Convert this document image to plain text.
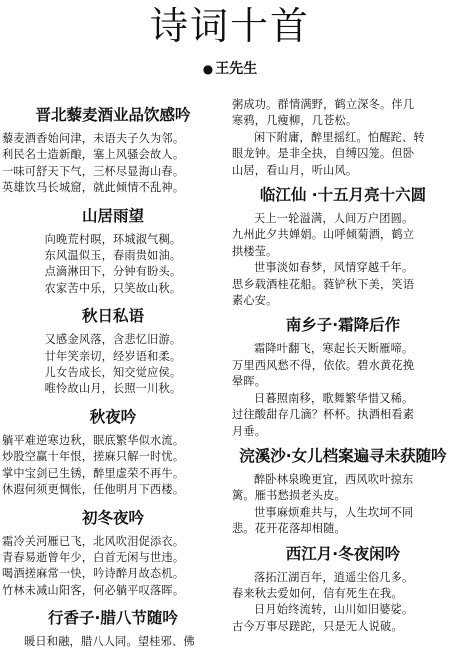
诗词十首
● 王先生
晋北藜麦酒业品饮感吟
藜麦酒香始问津，未语夫子久为邻。
利民名士造新酿，塞上风骚会故人。
一味可舒天下气，三杯尽显海山春。
英雄饮马长城窟，就此倾情不乱神。
山居雨望
向晚荒村暝，环城淑气稠。
东风温似玉，春雨贵如油。
点滴淋田下，分钟有盼头。
农家苦中乐，只笑故山秋。
秋日私语
又感金风落，含悲忆旧游。
廿年笑亲切，经岁语和柔。
儿女告成长，知交觉应侯。
唯怜故山月，长照一川秋。
秋夜吟
躺平难逆寒边秋，眠底繁华似水流。
炒股空赢十年恨，搓麻只解一时忧。
掌中宝剑已生锈，醉里虚荣不再牛。
休遐何须更惆怅，任他明月下西楼。
初冬夜吟
霜冷关河雁已飞，北风吹泪促添衣。
青春易逝曾年少，白首无闲与世违。
喝酒搓麻常一快，吟诗醉月故态机。
竹林未减山阳客，何必躺平叹落晖。
行香子·腊八节随吟
暖日和融，腊八人同。望桂邪、佛
粥成功。群情满野，鹤立深冬。伴几
寒鸦，几瘦柳，几苍松。
闲下附庸，醉里摇红。怕醒跎、转
眼龙钟。是非全抉，自缚囚笼。但卧
山居，看山月，听山风。
临江仙 ·十五月亮十六圆
天上一轮溢满，人间万户团圆。
九州此夕共婵娟。山呼倾菊酒，鹤立
拱楼莹。
世事淡如春梦，风情穿越千年。
思乡载酒桂花船。蕤铲秋下美，笑语
素心安。
南乡子·霜降后作
霜降叶翻飞，寒起长天断雁啼。
万里西风愁不得，依依。碧水黄花挽
晕晖。
日暮照南移，歌舞繁华惜又稀。
过往酸甜存几滴？杯杯。执酒相看素
月垂。
浣溪沙·女儿档案遍寻未获随吟
醉卧林泉晚更宜，西风吹叶掠东
篱。雁书愁损老头皮。
世事麻烦难共与，人生坎坷不同
悲。花开花落却相随。
西江月·冬夜闲吟
落拓江湖百年，逍遥尘俗几多。
春来秋去爱如何，信有死生在我。
日月始终流转，山川如旧婆娑。
古今万事尽蹉跎，只是无人说破。
